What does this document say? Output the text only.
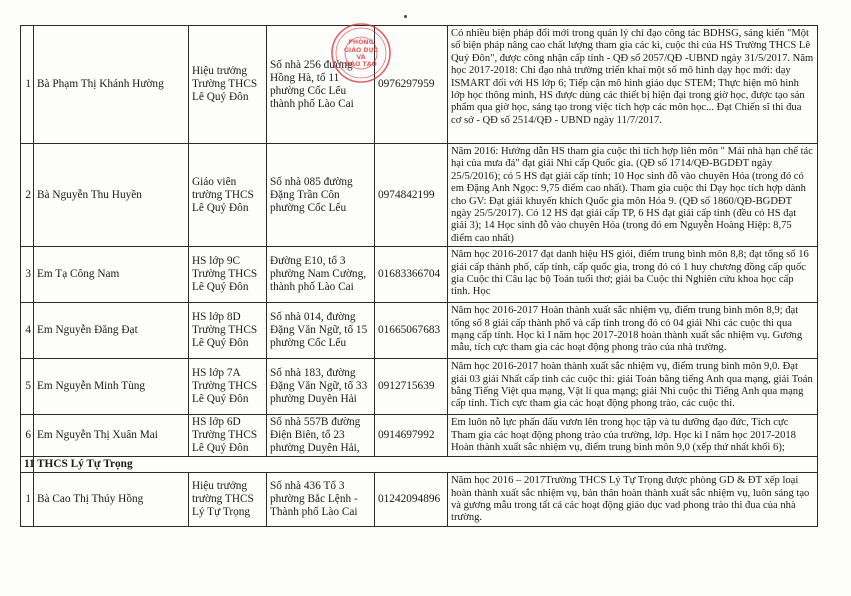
1	Bà Phạm Thị Khánh Hường	Hiệu trưởng Trường THCS Lê Quý Đôn	Số nhà 256 đường Hồng Hà, tổ 11 phường Cốc Lếu thành phố Lào Cai	0976297959	Có nhiều biện pháp đổi mới trong quản lý chỉ đạo công tác BDHSG, sáng kiến "Một số biện pháp nâng cao chất lượng tham gia các kì, cuộc thi của HS Trường THCS Lê Quý Đôn", được công nhận cấp tỉnh - QĐ số 2057/QĐ -UBND ngày 31/5/2017. Năm học 2017-2018: Chỉ đạo nhà trường triển khai một số mô hình dạy học mới: dạy ISMART đối với HS lớp 6; Tiếp cận mô hình giáo dục STEM; Thực hiện mô hình lớp học thông minh, HS được dùng các thiết bị hiện đại trong giờ học, được tạo sản phẩm qua giờ học, sáng tạo trong việc tích hợp các môn học... Đạt Chiến sĩ thi đua cơ sở - QĐ số 2514/QĐ - UBND ngày 11/7/2017.
2	Bà Nguyễn Thu Huyền	Giáo viên trường THCS Lê Quý Đôn	Số nhà 085 đường Đặng Trần Côn phường Cốc Lếu	0974842199	Năm 2016: Hướng dẫn HS tham gia cuộc thi tích hợp liên môn " Mái nhà hạn chế tác hại của mưa đá" đạt giải Nhì cấp Quốc gia. (QĐ số 1714/QĐ-BGDĐT ngày 25/5/2016); có 5 HS đạt giải cấp tỉnh; 10 Học sinh đỗ vào chuyên Hóa (trong đó có em Đặng Anh Ngọc: 9,75 điểm cao nhất). Tham gia cuộc thi Dạy học tích hợp dành cho GV: Đạt giải khuyến khích Quốc gia môn Hóa 9. (QĐ số 1860/QĐ-BGDĐT ngày 25/5/2017). Có 12 HS đạt giải cấp TP, 6 HS đạt giải cấp tỉnh (đều có HS đạt giải 3); 14 Học sinh đỗ vào chuyên Hóa (trong đó em Nguyễn Hoàng Hiệp: 8,75 điểm cao nhất)
3	Em Tạ Công Nam	HS lớp 9C Trường THCS Lê Quý Đôn	Đường E10, tổ 3 phường Nam Cường, thành phố Lào Cai	01683366704	Năm học 2016-2017 đạt danh hiệu HS giỏi, điểm trung bình môn 8,8; đạt tổng số 16 giải cấp thành phố, cấp tỉnh, cấp quốc gia, trong đó có 1 huy chương đồng cấp quốc gia Cuộc thi Câu lạc bộ Toán tuổi thơ; giải ba Cuộc thi Nghiên cứu khoa học cấp tỉnh. Học
4	Em Nguyễn Đăng Đạt	HS lớp 8D Trường THCS Lê Quý Đôn	Số nhà 014, đường Đặng Văn Ngữ, tổ 15 phường Cốc Lếu	01665067683	Năm học 2016-2017 Hoàn thành xuất sắc nhiệm vụ, điểm trung bình môn 8,9; đạt tổng số 8 giải cấp thành phố và cấp tỉnh trong đó có 04 giải Nhì các cuộc thi qua mạng cấp tỉnh. Học kì I năm học 2017-2018 hoàn thành xuất sắc nhiệm vụ. Gương mẫu, tích cực tham gia các hoạt động phong trào của nhà trường.
5	Em Nguyễn Minh Tùng	HS lớp 7A Trường THCS Lê Quý Đôn	Số nhà 183, đường Đặng Văn Ngữ, tổ 33 phường Duyên Hải	0912715639	Năm học 2016-2017 hoàn thành xuất sắc nhiệm vụ, điểm trung bình môn 9,0. Đạt giải 03 giải Nhất cấp tỉnh các cuộc thi: giải Toán bằng tiếng Anh qua mạng, giải Toán bằng Tiếng Việt qua mạng, Vật lí qua mạng; giải Nhì cuộc thi Tiếng Anh qua mạng cấp tỉnh. Tích cực tham gia các hoạt động phong trào, các cuộc thi.
6	Em Nguyễn Thị Xuân Mai	HS lớp 6D Trường THCS Lê Quý Đôn	Số nhà 557B đường Điện Biên, tổ 23 phường Duyên Hải,	0914697992	Em luôn nỗ lực phấn đấu vươn lên trong học tập và tu dưỡng đạo đức, Tích cực Tham gia các hoạt động phong trào của trường, lớp. Học kì I năm học 2017-2018 Hoàn thành xuất sắc nhiệm vụ, điểm trung bình môn 9,0 (xếp thứ nhất khối 6);
11	THCS Lý Tự Trọng				
1	Bà Cao Thị Thúy Hồng	Hiệu trưởng trường THCS Lý Tự Trọng	Số nhà 436 Tổ 3 phường Bắc Lệnh - Thành phố Lào Cai	01242094896	Năm học 2016 – 2017Trường THCS Lý Tự Trọng được phòng GD & ĐT xếp loại hoàn thành xuất sắc nhiệm vụ, bản thân hoàn thành xuất sắc nhiệm vụ, luôn sáng tạo và gương mẫu trong tất cả các hoạt động giáo dục vad phong trào thi đua của nhà trường.
PHÒNG
GIÁO DỤC
VÀ
ĐÀO TẠO
